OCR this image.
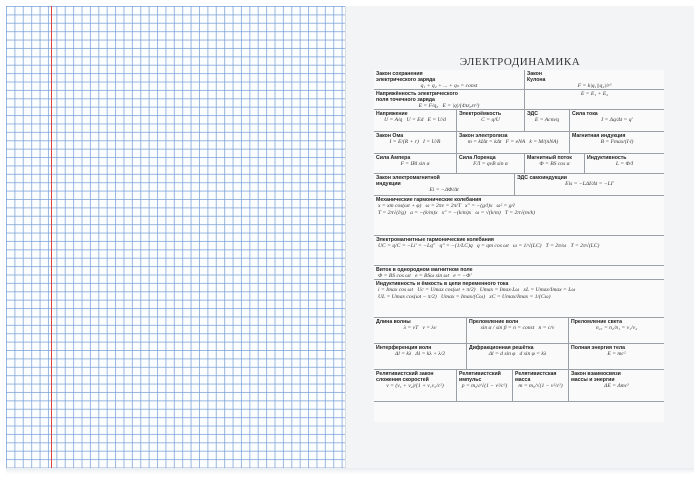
ЭЛЕКТРОДИНАМИКА
Закон сохранения
электрического заряда
q₁ + q₂ + ... + qₙ = const
Закон
Кулона
F = k|q₁||q₂|/r²
Напряжённость электрического
поля точечного заряда
E = F/q₀   E = |q|/(4πε₀εr²)
E = E₁ + E₂
Напряжение
U = A/q   U = Ed   E = U/d
Электроёмкость
C = q/U
ЭДС
E = Aст/q
Сила тока
I = Δq/Δt = q′
Закон Ома
I = E/(R + r)   I = U/R
Закон электролиза
m = kIΔt = kΔt   F = eNA   k = M/(nNA)
Магнитная индукция
B = Fmax/(I·l)
Сила Ампера
F = IBl sin α
Сила Лоренца
FЛ = qvB sin α
Магнитный поток
Φ = BS cos α
Индуктивность
L = Φ/I
Закон электромагнитной
индукции
Ei = −ΔΦ/Δt
ЭДС самоиндукции
Eis = −LΔI/Δt = −LI′
Механические гармонические колебания
x = xm cos(ωt + φ)   ω = 2πν = 2π/T   x″ = −(g/l)x   ω² = g/l
T = 2π√(l/g)   a = −(k/m)x   x″ = −(k/m)x   ω = √(k/m)   T = 2π√(m/k)
Электромагнитные гармонические колебания
UC = q/C = −Li′ = −Lq″   q″ = −(1/LC)q   q = qm cos ωt   ω = 1/√(LC)   T = 2π/ω   T = 2π√(LC)
Виток в однородном магнитном поле
Φ = BS cos ωt   e = BSω sin ωt   e = −Φ′
Индуктивность и ёмкость в цепи переменного тока
i = Imax cos ωt   Uc = Umax cos(ωt + π/2)   Umax = Imax·Lω   xL = Umax/Imax = Lω
UL = Umax cos(ωt − π/2)   Umax = Imax/(Cω)   xC = Umax/Imax = 1/(Cω)
Длина волны
λ = vT   v = λν
Преломление волн
sin α / sin β = n = const   n = c/v
Преломление света
n₂₁ = n₂/n₁ = v₁/v₂
Интерференция волн
Δl = kλ   Δl = kλ + λ/2
Дифракционная решётка
Δl = d sin φ   d sin φ = kλ
Полная энергия тела
E = mc²
Релятивистский закон
сложения скоростей
v = (v₁ + v₂)/(1 + v₁v₂/c²)
Релятивистский
импульс
p = m₀v/√(1 − v²/c²)
Релятивистская
масса
m = m₀/√(1 − v²/c²)
Закон взаимосвязи
массы и энергии
ΔE = Δmc²
